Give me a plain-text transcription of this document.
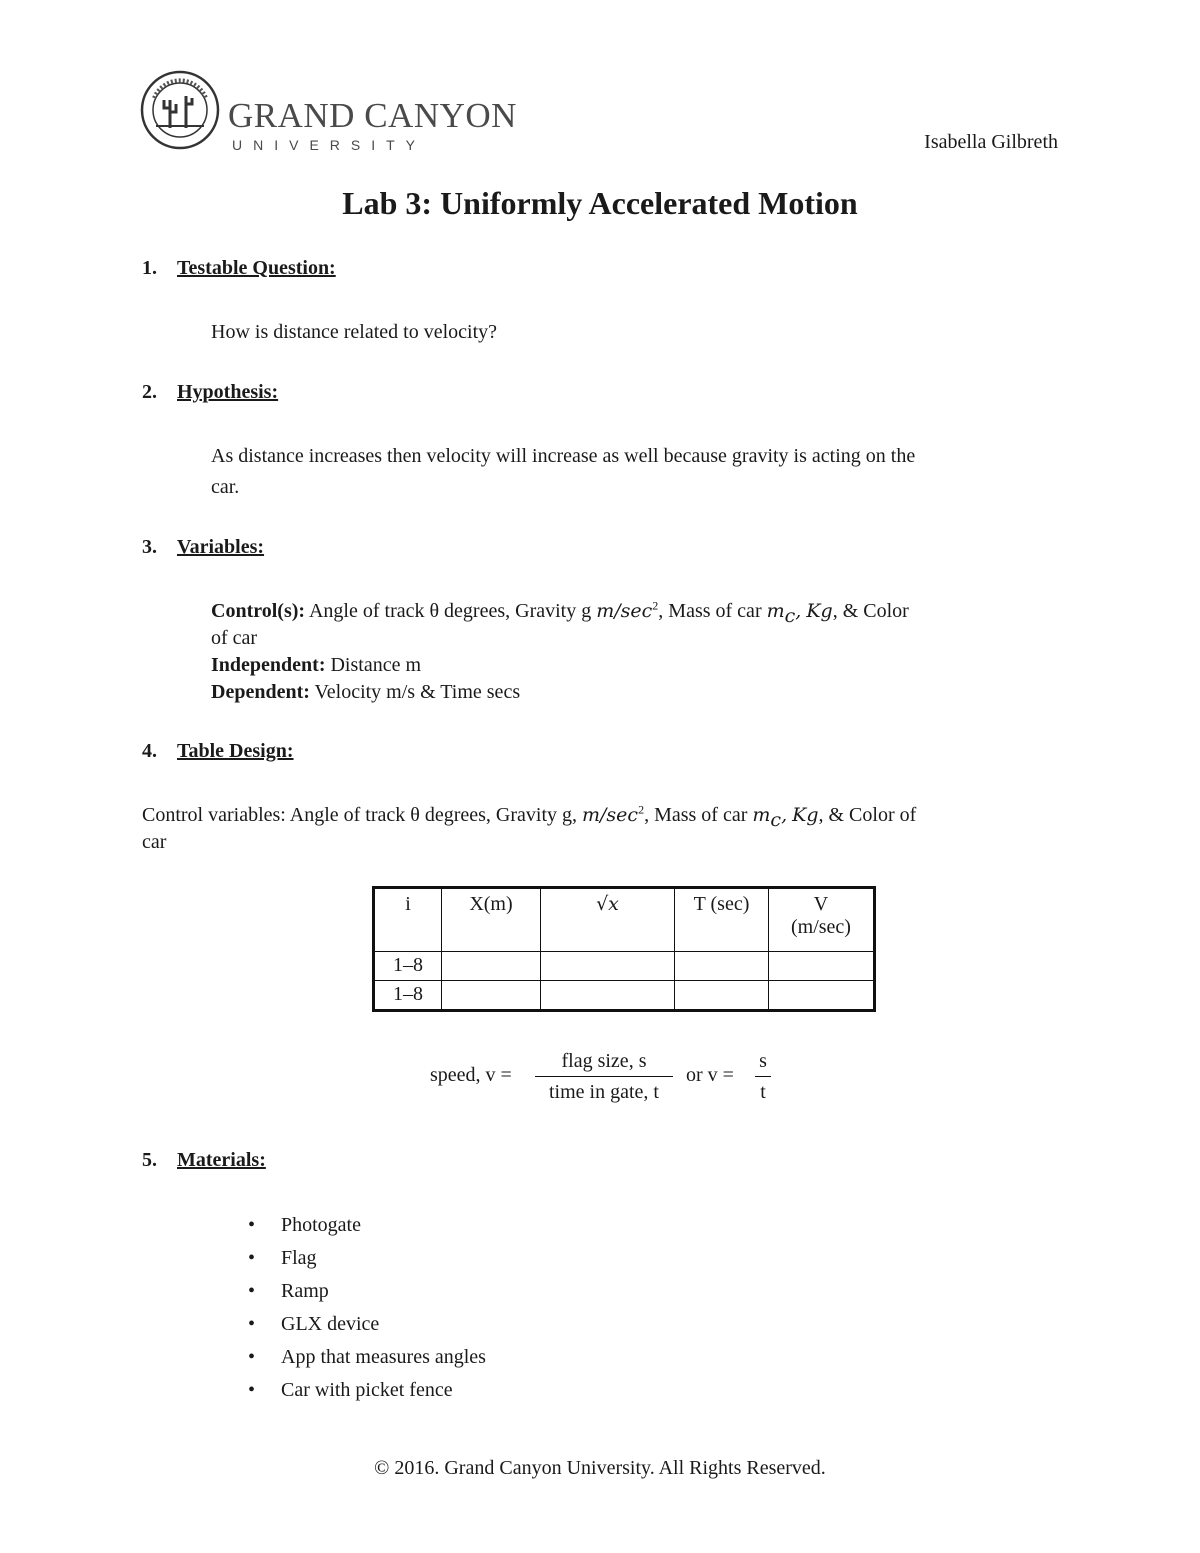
GRAND CANYON
UNIVERSITY	Isabella Gilbreth
Lab 3: Uniformly Accelerated Motion
1. Testable Question:
How is distance related to velocity?
2. Hypothesis:
As distance increases then velocity will increase as well because gravity is acting on the
car.
3. Variables:
Control(s): Angle of track θ degrees, Gravity g $m/\sec^2$, Mass of car $m_c$, Kg, & Color
of car
Independent: Distance m
Dependent: Velocity m/s & Time secs
4. Table Design:
Control variables: Angle of track θ degrees, Gravity g, $m/\sec^2$, Mass of car $m_c$, Kg, & Color of
car
i	X(m)	√x	T (sec)	V
(m/sec)

1–8				
1–8				
speed, v =
flag size, s
time in gate, t
or $v = \frac{s}{t}$
5. Materials:
• Photogate
• Flag
• Ramp
• GLX device
• App that measures angles
• Car with picket fence
© 2016. Grand Canyon University. All Rights Reserved.
